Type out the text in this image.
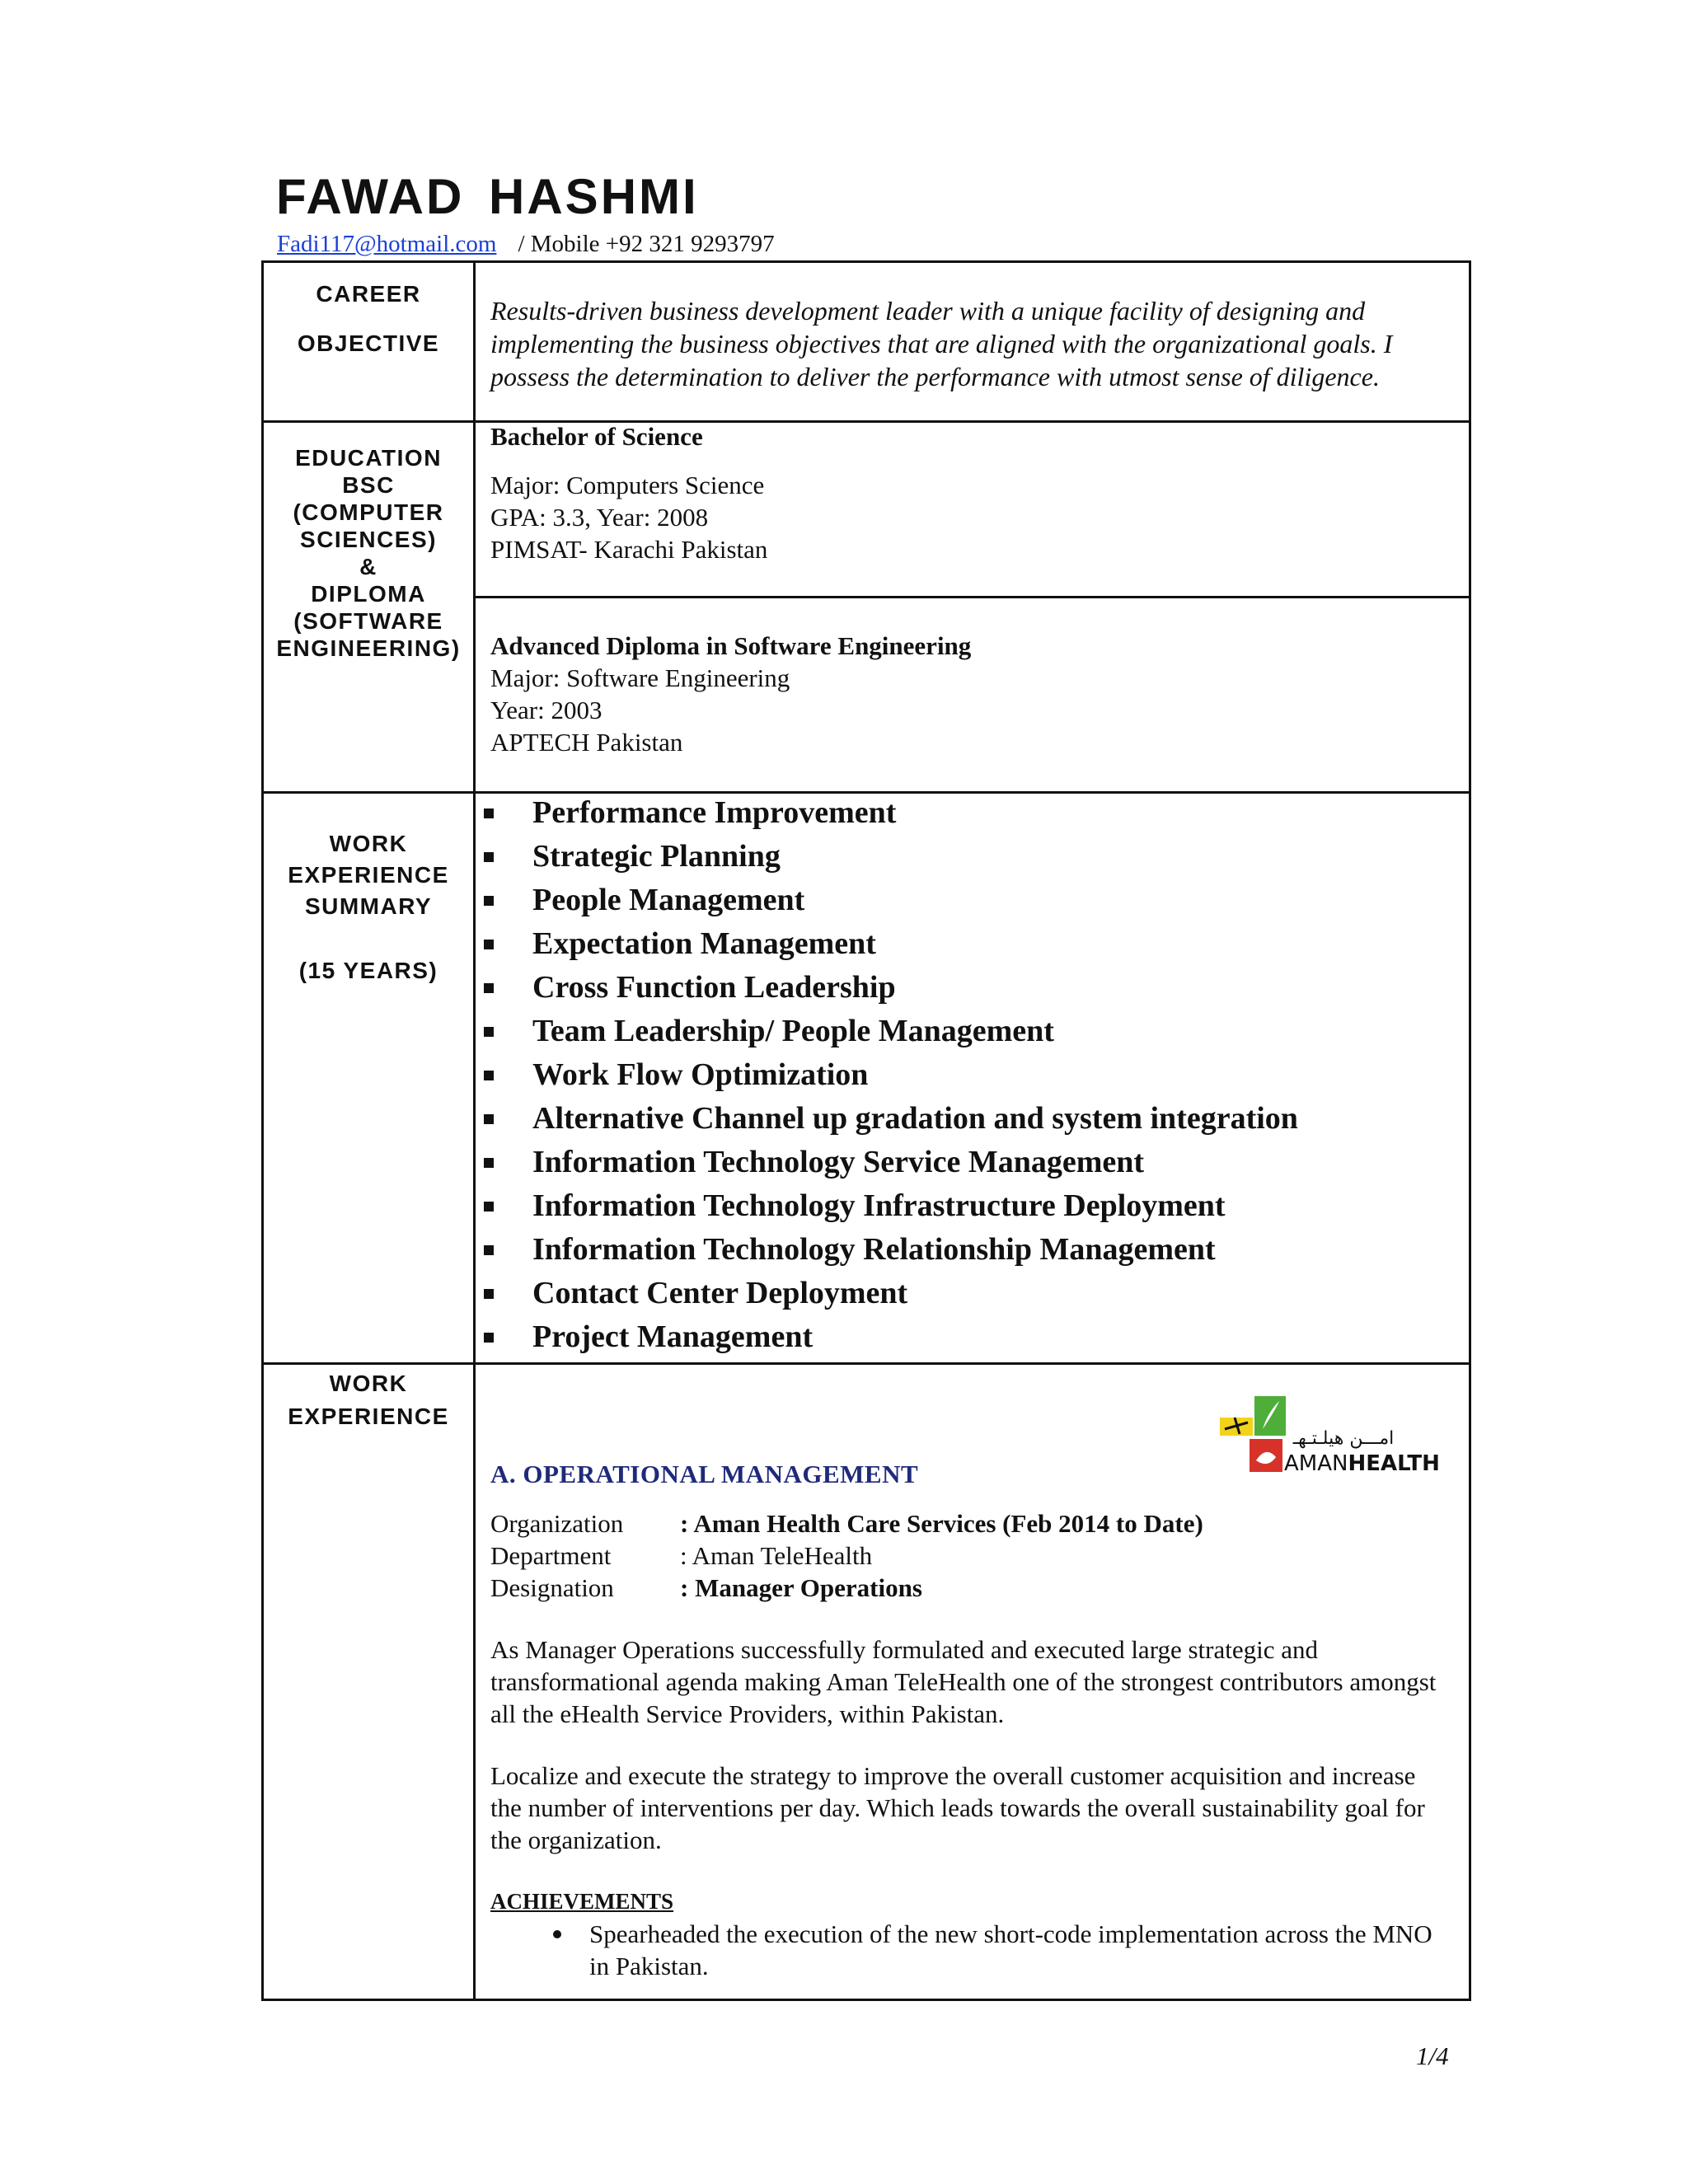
FAWAD HASHMI
Fadi117@hotmail.com / Mobile +92 321 9293797
CAREER
OBJECTIVE
Results-driven business development leader with a unique facility of designing and implementing the business objectives that are aligned with the organizational goals. I possess the determination to deliver the performance with utmost sense of diligence.
EDUCATION
BSC
(COMPUTER
SCIENCES)
&
DIPLOMA
(SOFTWARE
ENGINEERING)
Bachelor of Science
Major: Computers Science
GPA: 3.3, Year: 2008
PIMSAT- Karachi Pakistan
Advanced Diploma in Software Engineering
Major: Software Engineering
Year: 2003
APTECH Pakistan
WORK
EXPERIENCE
SUMMARY
(15 YEARS)
Performance Improvement
Strategic Planning
People Management
Expectation Management
Cross Function Leadership
Team Leadership/ People Management
Work Flow Optimization
Alternative Channel up gradation and system integration
Information Technology Service Management
Information Technology Infrastructure Deployment
Information Technology Relationship Management
Contact Center Deployment
Project Management
WORK
EXPERIENCE
A. OPERATIONAL MANAGEMENT
Organization : Aman Health Care Services (Feb 2014 to Date)
Department	: Aman TeleHealth
Designation	: Manager Operations
As Manager Operations successfully formulated and executed large strategic and transformational agenda making Aman TeleHealth one of the strongest contributors amongst all the eHealth Service Providers, within Pakistan.
Localize and execute the strategy to improve the overall customer acquisition and increase the number of interventions per day. Which leads towards the overall sustainability goal for the organization.
ACHIEVEMENTS
Spearheaded the execution of the new short-code implementation across the MNO in Pakistan.
امـــن هيلـتـهـ
AMANHEALTH
1/4
